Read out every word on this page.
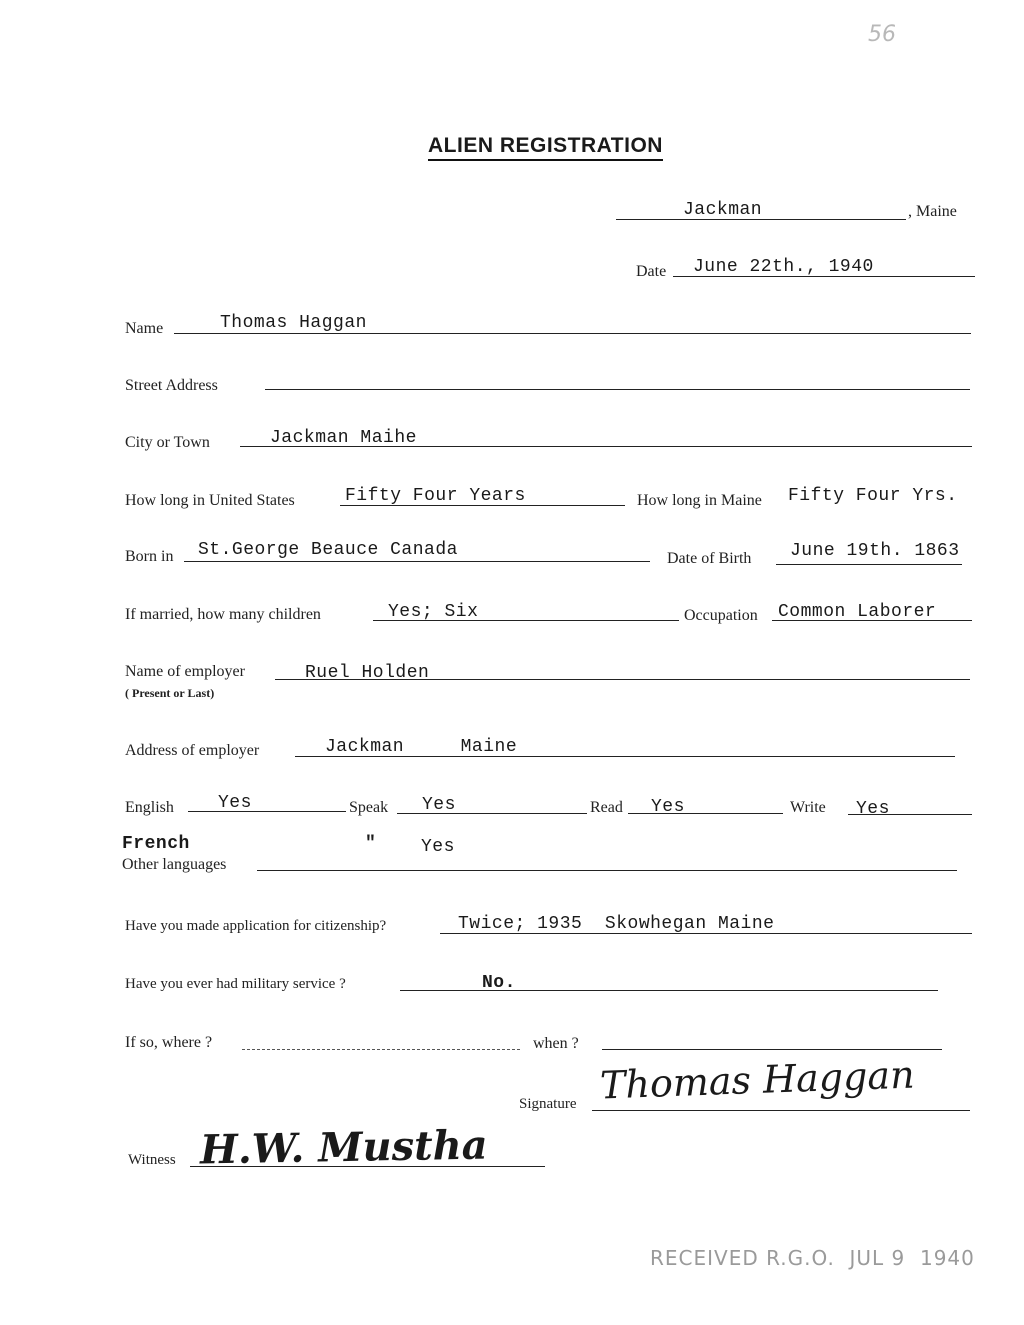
56
ALIEN REGISTRATION
Jackman	, Maine
Date June 22th., 1940
Name	Thomas Haggan
Street Address
City or Town	Jackman Maihe
How long in United States	Fifty Four Years	How long in Maine Fifty Four Yrs.
Born in St.George Beauce Canada	Date of Birth June 19th. 1863
If married, how many children	Yes; Six	Occupation Common Laborer
Name of employer
( Present or Last)
Ruel Holden
Address of employer	Jackman     Maine
English Yes	Speak Yes	Read Yes	Write Yes
French	" Yes
Other languages
Have you made application for citizenship?	Twice; 1935  Skowhegan Maine
Have you ever had military service ?	No.
If so, where ?	when ?
Signature Thomas Haggan
Witness H.W. Mustha
RECEIVED R.G.O.  JUL 9  1940
